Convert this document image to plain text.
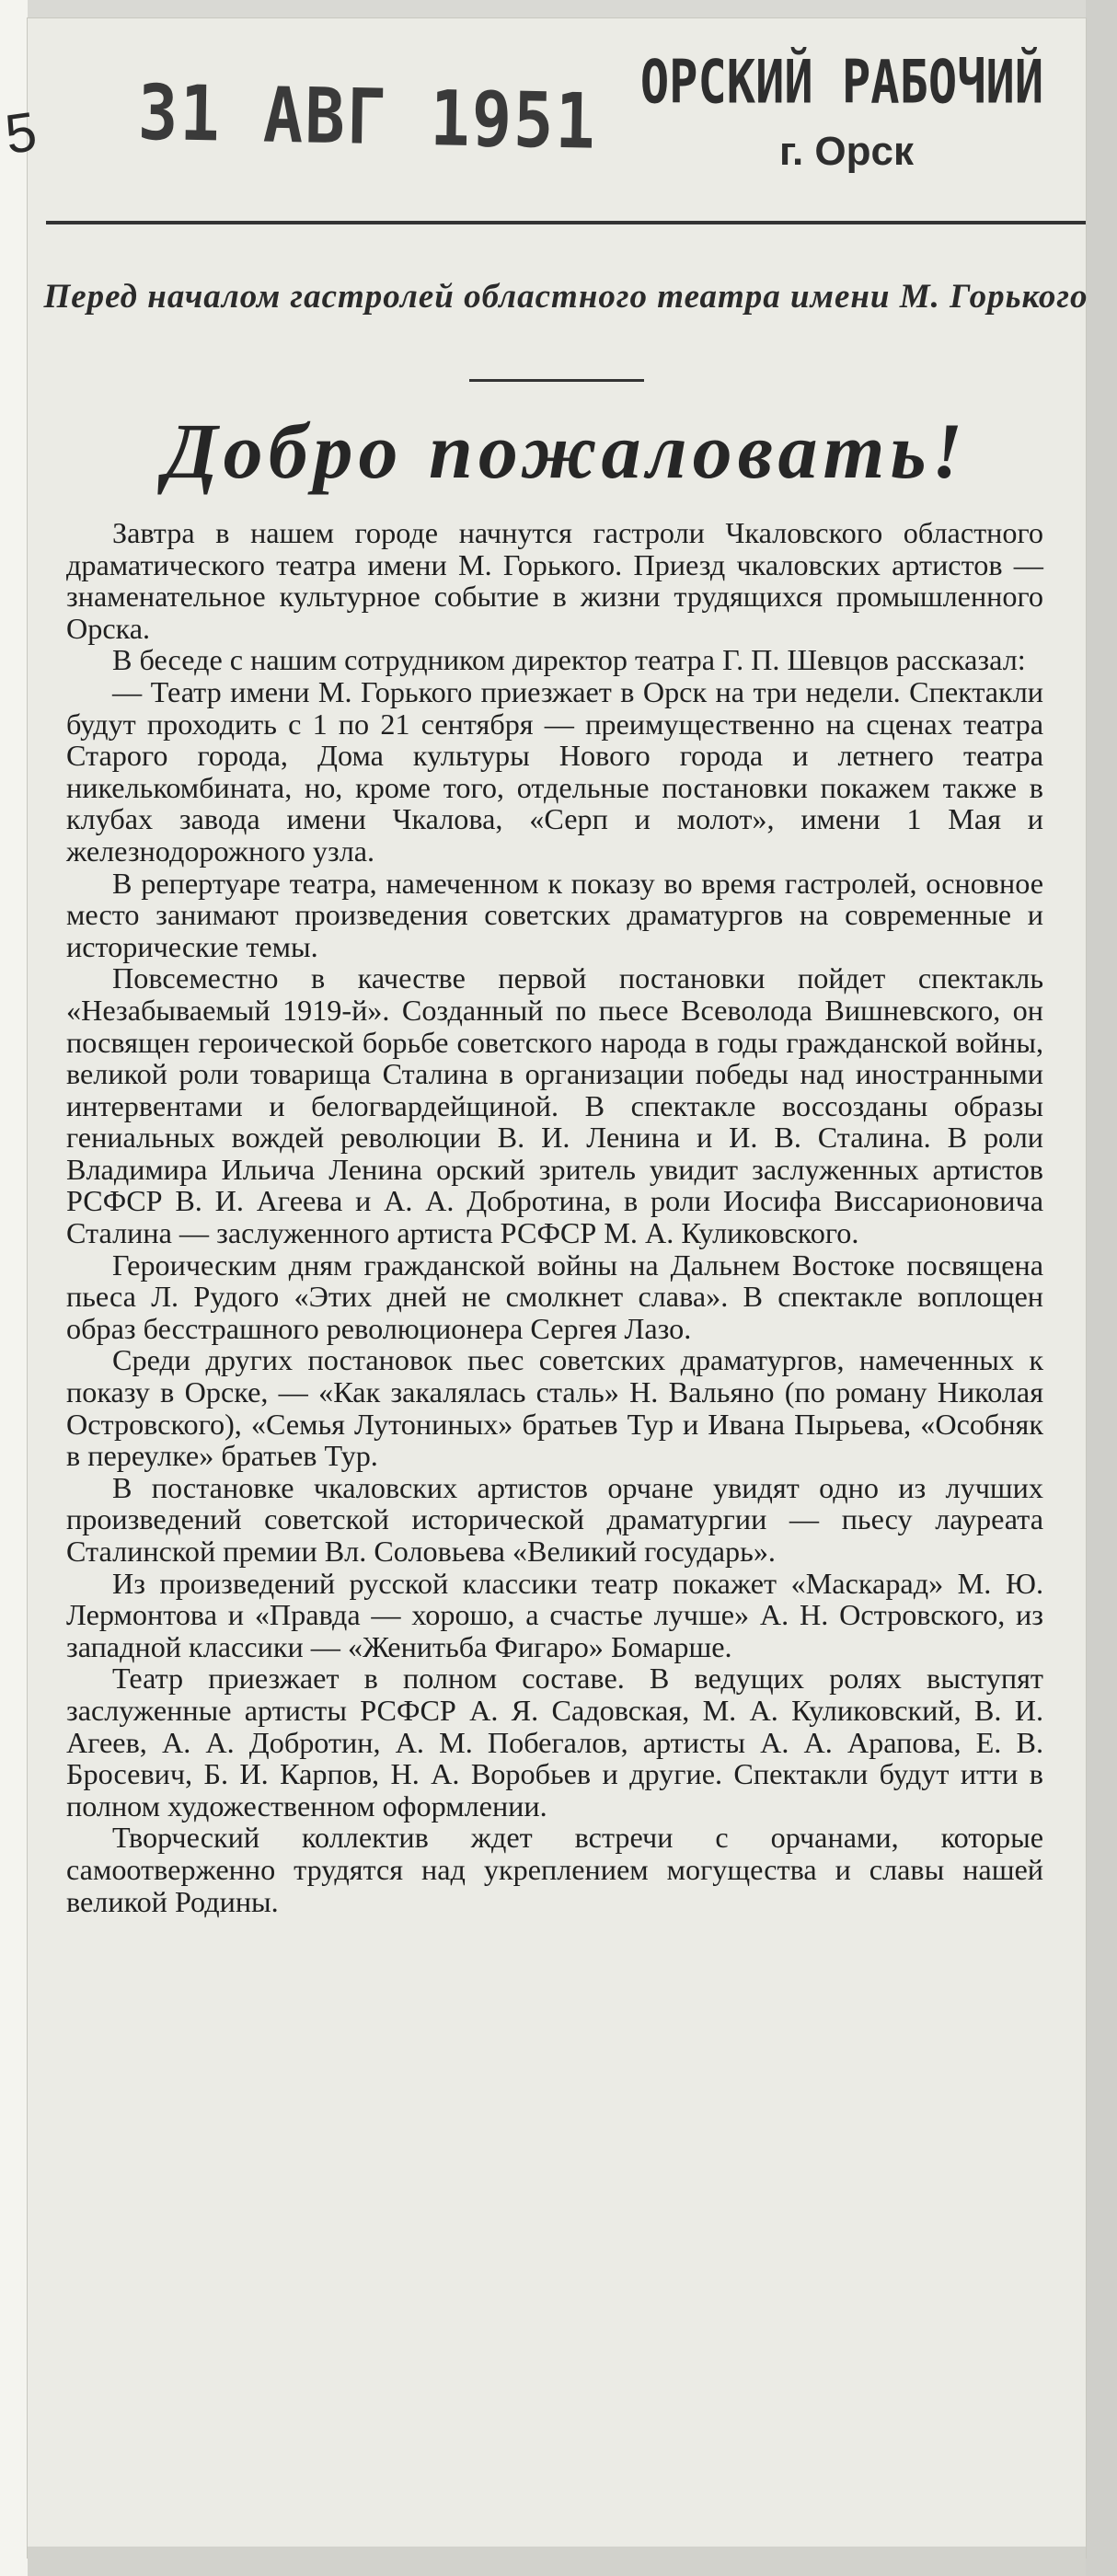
5 31 АВГ 1951 ОРСКИЙ РАБОЧИЙ
г. Орск
Перед началом гастролей областного театра имени М. Горького
Добро пожаловать!

Завтра в нашем городе начнутся гастроли Чкаловского областного драматического театра имени М. Горького. Приезд чкаловских артистов — знаменательное культурное событие в жизни трудящихся промышленного Орска.

В беседе с нашим сотрудником директор театра Г. П. Шевцов рассказал:

— Театр имени М. Горького приезжает в Орск на три недели. Спектакли будут проходить с 1 по 21 сентября — преимущественно на сценах театра Старого города, Дома культуры Нового города и летнего театра никелькомбината, но, кроме того, отдельные постановки покажем также в клубах завода имени Чкалова, «Серп и молот», имени 1 Мая и железнодорожного узла.

В репертуаре театра, намеченном к показу во время гастролей, основное место занимают произведения советских драматургов на современные и исторические темы.

Повсеместно в качестве первой постановки пойдет спектакль «Незабываемый 1919-й». Созданный по пьесе Всеволода Вишневского, он посвящен героической борьбе советского народа в годы гражданской войны, великой роли товарища Сталина в организации победы над иностранными интервентами и белогвардейщиной. В спектакле воссозданы образы гениальных вождей революции В. И. Ленина и И. В. Сталина. В роли Владимира Ильича Ленина орский зритель увидит заслуженных артистов РСФСР В. И. Агеева и А. А. Добротина, в роли Иосифа Виссарионовича Сталина — заслуженного артиста РСФСР М. А. Куликовского.

Героическим дням гражданской войны на Дальнем Востоке посвящена пьеса Л. Рудого «Этих дней не смолкнет слава». В спектакле воплощен образ бесстрашного революционера Сергея Лазо.

Среди других постановок пьес советских драматургов, намеченных к показу в Орске, — «Как закалялась сталь» Н. Вальяно (по роману Николая Островского), «Семья Лутониных» братьев Тур и Ивана Пырьева, «Особняк в переулке» братьев Тур.

В постановке чкаловских артистов орчане увидят одно из лучших произведений советской исторической драматургии — пьесу лауреата Сталинской премии Вл. Соловьева «Великий государь».

Из произведений русской классики театр покажет «Маскарад» М. Ю. Лермонтова и «Правда — хорошо, а счастье лучше» А. Н. Островского, из западной классики — «Женитьба Фигаро» Бомарше.

Театр приезжает в полном составе. В ведущих ролях выступят заслуженные артисты РСФСР А. Я. Садовская, М. А. Куликовский, В. И. Агеев, А. А. Добротин, А. М. Побегалов, артисты А. А. Арапова, Е. В. Бросевич, Б. И. Карпов, Н. А. Воробьев и другие. Спектакли будут итти в полном художественном оформлении.

Творческий коллектив ждет встречи с орчанами, которые самоотверженно трудятся над укреплением могущества и славы нашей великой Родины.
